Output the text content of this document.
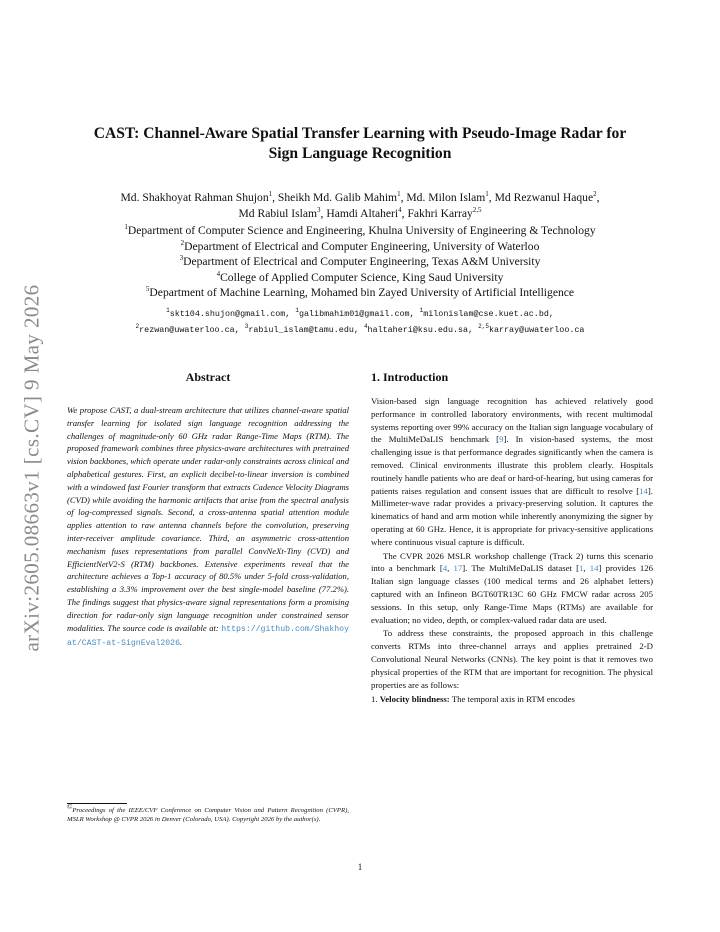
arXiv:2605.08663v1 [cs.CV] 9 May 2026
CAST: Channel-Aware Spatial Transfer Learning with Pseudo-Image Radar for
Sign Language Recognition
Md. Shakhoyat Rahman Shujon$^1$, Sheikh Md. Galib Mahim$^1$, Md. Milon Islam$^1$, Md Rezwanul Haque$^2$,
Md Rabiul Islam$^3$, Hamdi Altaheri$^4$, Fakhri Karray$^{2,5}$
$^1$Department of Computer Science and Engineering, Khulna University of Engineering & Technology
$^2$Department of Electrical and Computer Engineering, University of Waterloo
$^3$Department of Electrical and Computer Engineering, Texas A&M University
$^4$College of Applied Computer Science, King Saud University
$^5$Department of Machine Learning, Mohamed bin Zayed University of Artificial Intelligence
$^1$skt104.shujon@gmail.com, $^1$galibmahim01@gmail.com, $^1$milonislam@cse.kuet.ac.bd,
$^2$rezwan@uwaterloo.ca, $^3$rabiul_islam@tamu.edu, $^4$haltaheri@ksu.edu.sa, $^{2,5}$karray@uwaterloo.ca
Abstract
We propose CAST, a dual-stream architecture that utilizes channel-aware spatial transfer learning for isolated sign language recognition addressing the challenges of magnitude-only 60 GHz radar Range-Time Maps (RTM). The proposed framework combines three physics-aware architectures with pretrained vision backbones, which operate under radar-only constraints across clinical and alphabetical gestures. First, an explicit decibel-to-linear inversion is combined with a windowed fast Fourier transform that extracts Cadence Velocity Diagrams (CVD) while avoiding the harmonic artifacts that arise from the spectral analysis of log-compressed signals. Second, a cross-antenna spatial attention module applies attention to raw antenna channels before the convolution, preserving inter-receiver amplitude covariance. Third, an asymmetric cross-attention mechanism fuses representations from parallel ConvNeXt-Tiny (CVD) and EfficientNetV2-S (RTM) backbones. Extensive experiments reveal that the architecture achieves a Top-1 accuracy of 80.5% under 5-fold cross-validation, establishing a 3.3% improvement over the best single-model baseline (77.2%). The findings suggest that physics-aware signal representations form a promising direction for radar-only sign language recognition under constrained sensor modalities. The source code is available at: https://github.com/Shakhoyat/CAST-at-SignEval2026.
©Proceedings of the IEEE/CVF Conference on Computer Vision and Pattern Recognition (CVPR), MSLR Workshop @ CVPR 2026 in Denver (Colorado, USA). Copyright 2026 by the author(s).
1. Introduction

Vision-based sign language recognition has achieved relatively good performance in controlled laboratory environments, with recent multimodal systems reporting over 99% accuracy on the Italian sign language vocabulary of the MultiMeDaLIS benchmark [9]. In vision-based systems, the most challenging issue is that performance degrades significantly when the camera is removed. Clinical environments illustrate this problem clearly. Hospitals routinely handle patients who are deaf or hard-of-hearing, but using cameras for patients raises regulation and consent issues that are difficult to resolve [14]. Millimeter-wave radar provides a privacy-preserving solution. It captures the kinematics of hand and arm motion while inherently anonymizing the signer by operating at 60 GHz. Hence, it is appropriate for privacy-sensitive applications where continuous visual capture is difficult.

The CVPR 2026 MSLR workshop challenge (Track 2) turns this scenario into a benchmark [4, 17]. The MultiMeDaLIS dataset [1, 14] provides 126 Italian sign language classes (100 medical terms and 26 alphabet letters) captured with an Infineon BGT60TR13C 60 GHz FMCW radar across 205 sessions. In this setup, only Range-Time Maps (RTMs) are available for evaluation; no video, depth, or complex-valued radar data are used.

To address these constraints, the proposed approach in this challenge converts RTMs into three-channel arrays and applies pretrained 2-D Convolutional Neural Networks (CNNs). The key point is that it removes two physical properties of the RTM that are important for recognition. The physical properties are as follows:

1. Velocity blindness: The temporal axis in RTM encodes

1
